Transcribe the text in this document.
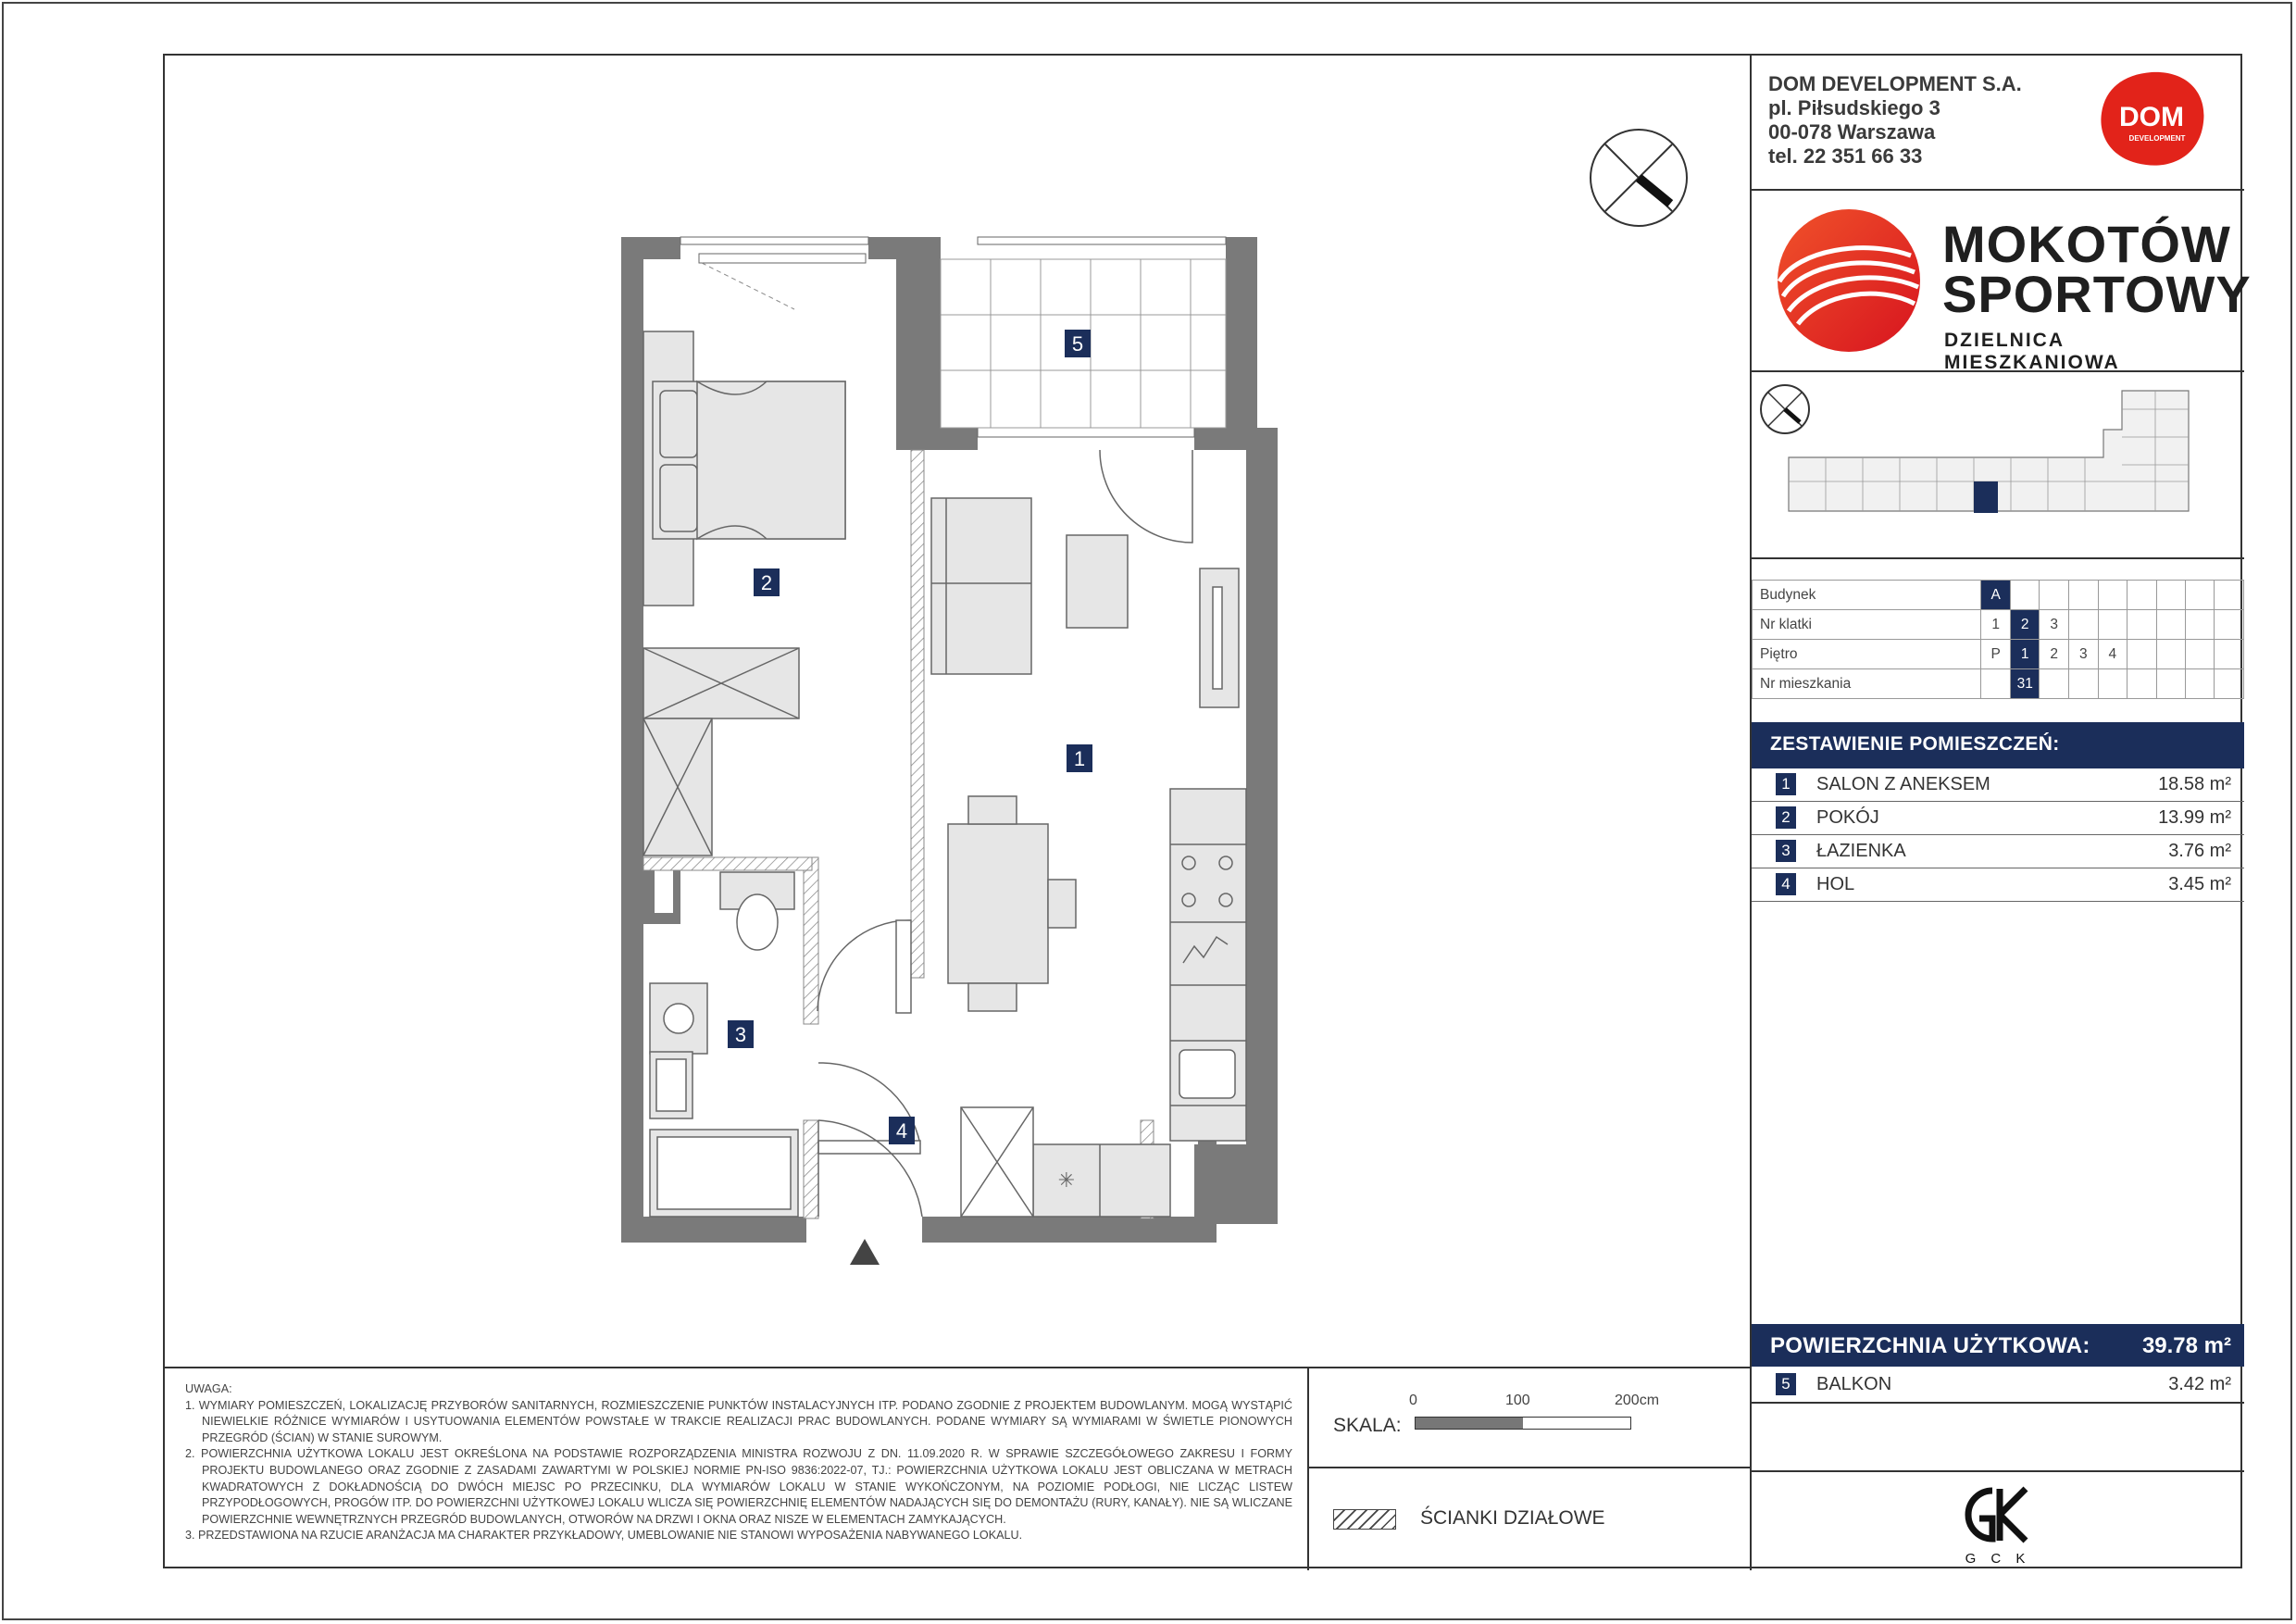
✳
1
2
3
4
5
UWAGA:
1. WYMIARY POMIESZCZEŃ, LOKALIZACJĘ PRZYBORÓW SANITARNYCH, ROZMIESZCZENIE PUNKTÓW INSTALACYJNYCH ITP. PODANO ZGODNIE Z PROJEKTEM BUDOWLANYM. MOGĄ WYSTĄPIĆ NIEWIELKIE RÓŻNICE WYMIARÓW I USYTUOWANIA ELEMENTÓW POWSTAŁE W TRAKCIE REALIZACJI PRAC BUDOWLANYCH. PODANE WYMIARY SĄ WYMIARAMI W ŚWIETLE PIONOWYCH PRZEGRÓD (ŚCIAN) W STANIE SUROWYM.
2. POWIERZCHNIA UŻYTKOWA LOKALU JEST OKREŚLONA NA PODSTAWIE ROZPORZĄDZENIA MINISTRA ROZWOJU Z DN. 11.09.2020 R. W SPRAWIE SZCZEGÓŁOWEGO ZAKRESU I FORMY PROJEKTU BUDOWLANEGO ORAZ ZGODNIE Z ZASADAMI ZAWARTYMI W POLSKIEJ NORMIE PN-ISO 9836:2022-07, TJ.: POWIERZCHNIA UŻYTKOWA LOKALU JEST OBLICZANA W METRACH KWADRATOWYCH Z DOKŁADNOŚCIĄ DO DWÓCH MIEJSC PO PRZECINKU, DLA WYMIARÓW LOKALU W STANIE WYKOŃCZONYM, NA POZIOMIE PODŁOGI, NIE LICZĄC LISTEW PRZYPODŁOGOWYCH, PROGÓW ITP. DO POWIERZCHNI UŻYTKOWEJ LOKALU WLICZA SIĘ POWIERZCHNIĘ ELEMENTÓW NADAJĄCYCH SIĘ DO DEMONTAŻU (RURY, KANAŁY). NIE SĄ WLICZANE POWIERZCHNIE WEWNĘTRZNYCH PRZEGRÓD BUDOWLANYCH, OTWORÓW NA DRZWI I OKNA ORAZ NISZE W ELEMENTACH ZAMYKAJĄCYCH.
3. PRZEDSTAWIONA NA RZUCIE ARANŻACJA MA CHARAKTER PRZYKŁADOWY, UMEBLOWANIE NIE STANOWI WYPOSAŻENIA NABYWANEGO LOKALU.
SKALA:
0	100	200cm
ŚCIANKI DZIAŁOWE
DOM DEVELOPMENT S.A.
pl. Piłsudskiego 3
00-078 Warszawa
tel. 22 351 66 33
DOM
DEVELOPMENT
MOKOTÓW
SPORTOWY
DZIELNICA MIESZKANIOWA
Budynek	A								
Nr klatki	1	2	3						
Piętro	P	1	2	3	4				
Nr mieszkania		31							
ZESTAWIENIE POMIESZCZEŃ:
1	SALON Z ANEKSEM	18.58 m²
2	POKÓJ	13.99 m²
3	ŁAZIENKA	3.76 m²
4	HOL	3.45 m²
POWIERZCHNIA UŻYTKOWA: 39.78 m²
5	BALKON	3.42 m²
G C K
